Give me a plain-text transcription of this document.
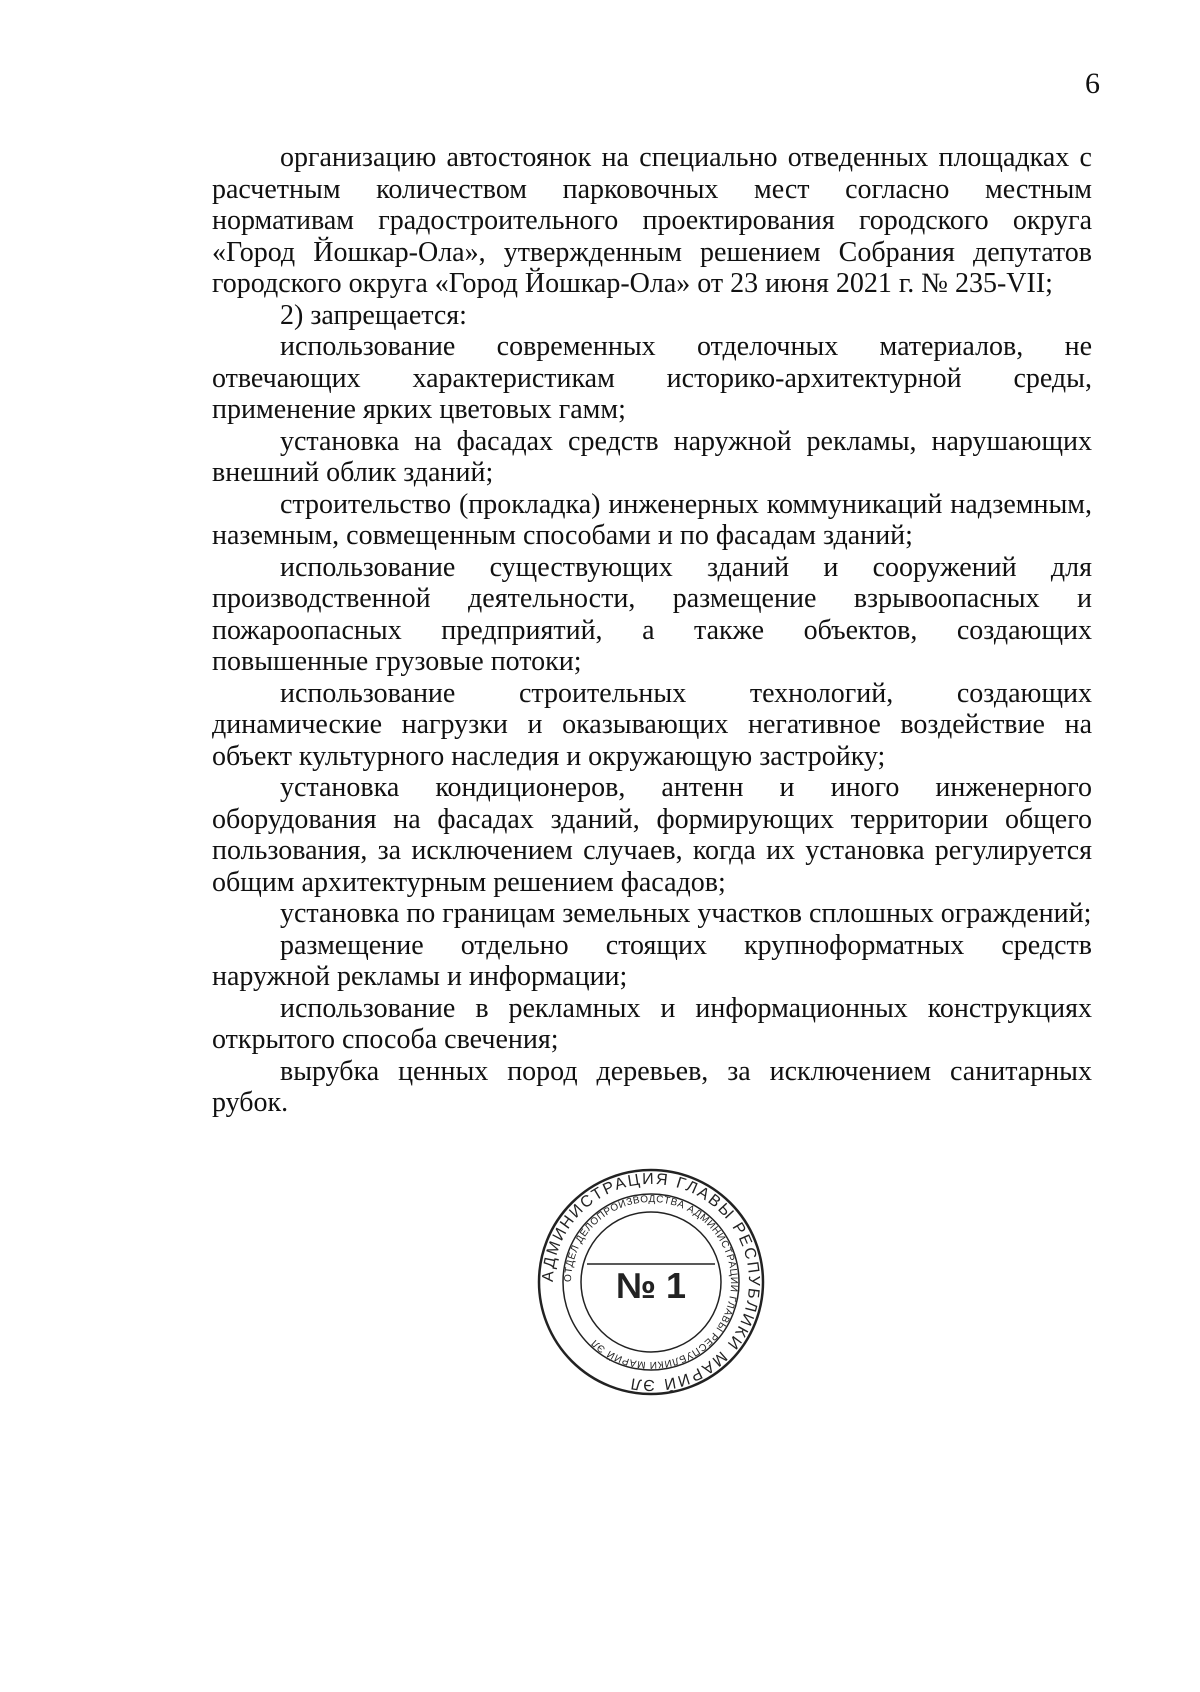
6

организацию автостоянок на специально отведенных площадках с расчетным количеством парковочных мест согласно местным нормативам градостроительного проектирования городского округа «Город Йошкар-Ола», утвержденным решением Собрания депутатов городского округа «Город Йошкар-Ола» от 23 июня 2021 г. № 235-VII;

2) запрещается:

использование современных отделочных материалов, не отвечающих характеристикам историко-архитектурной среды, применение ярких цветовых гамм;

установка на фасадах средств наружной рекламы, нарушающих внешний облик зданий;

строительство (прокладка) инженерных коммуникаций надземным, наземным, совмещенным способами и по фасадам зданий;

использование существующих зданий и сооружений для производственной деятельности, размещение взрывоопасных и пожароопасных предприятий, а также объектов, создающих повышенные грузовые потоки;

использование строительных технологий, создающих динамические нагрузки и оказывающих негативное воздействие на объект культурного наследия и окружающую застройку;

установка кондиционеров, антенн и иного инженерного оборудования на фасадах зданий, формирующих территории общего пользования, за исключением случаев, когда их установка регулируется общим архитектурным решением фасадов;

установка по границам земельных участков сплошных ограждений;

размещение отдельно стоящих крупноформатных средств наружной рекламы и информации;

использование в рекламных и информационных конструкциях открытого способа свечения;

вырубка ценных пород деревьев, за исключением санитарных рубок.

АДМИНИСТРАЦИЯ ГЛАВЫ РЕСПУБЛИКИ МАРИЙ ЭЛ
ОТДЕЛ ДЕЛОПРОИЗВОДСТВА АДМИНИСТРАЦИИ ГЛАВЫ РЕСПУБЛИКИ МАРИЙ ЭЛ
№ 1
